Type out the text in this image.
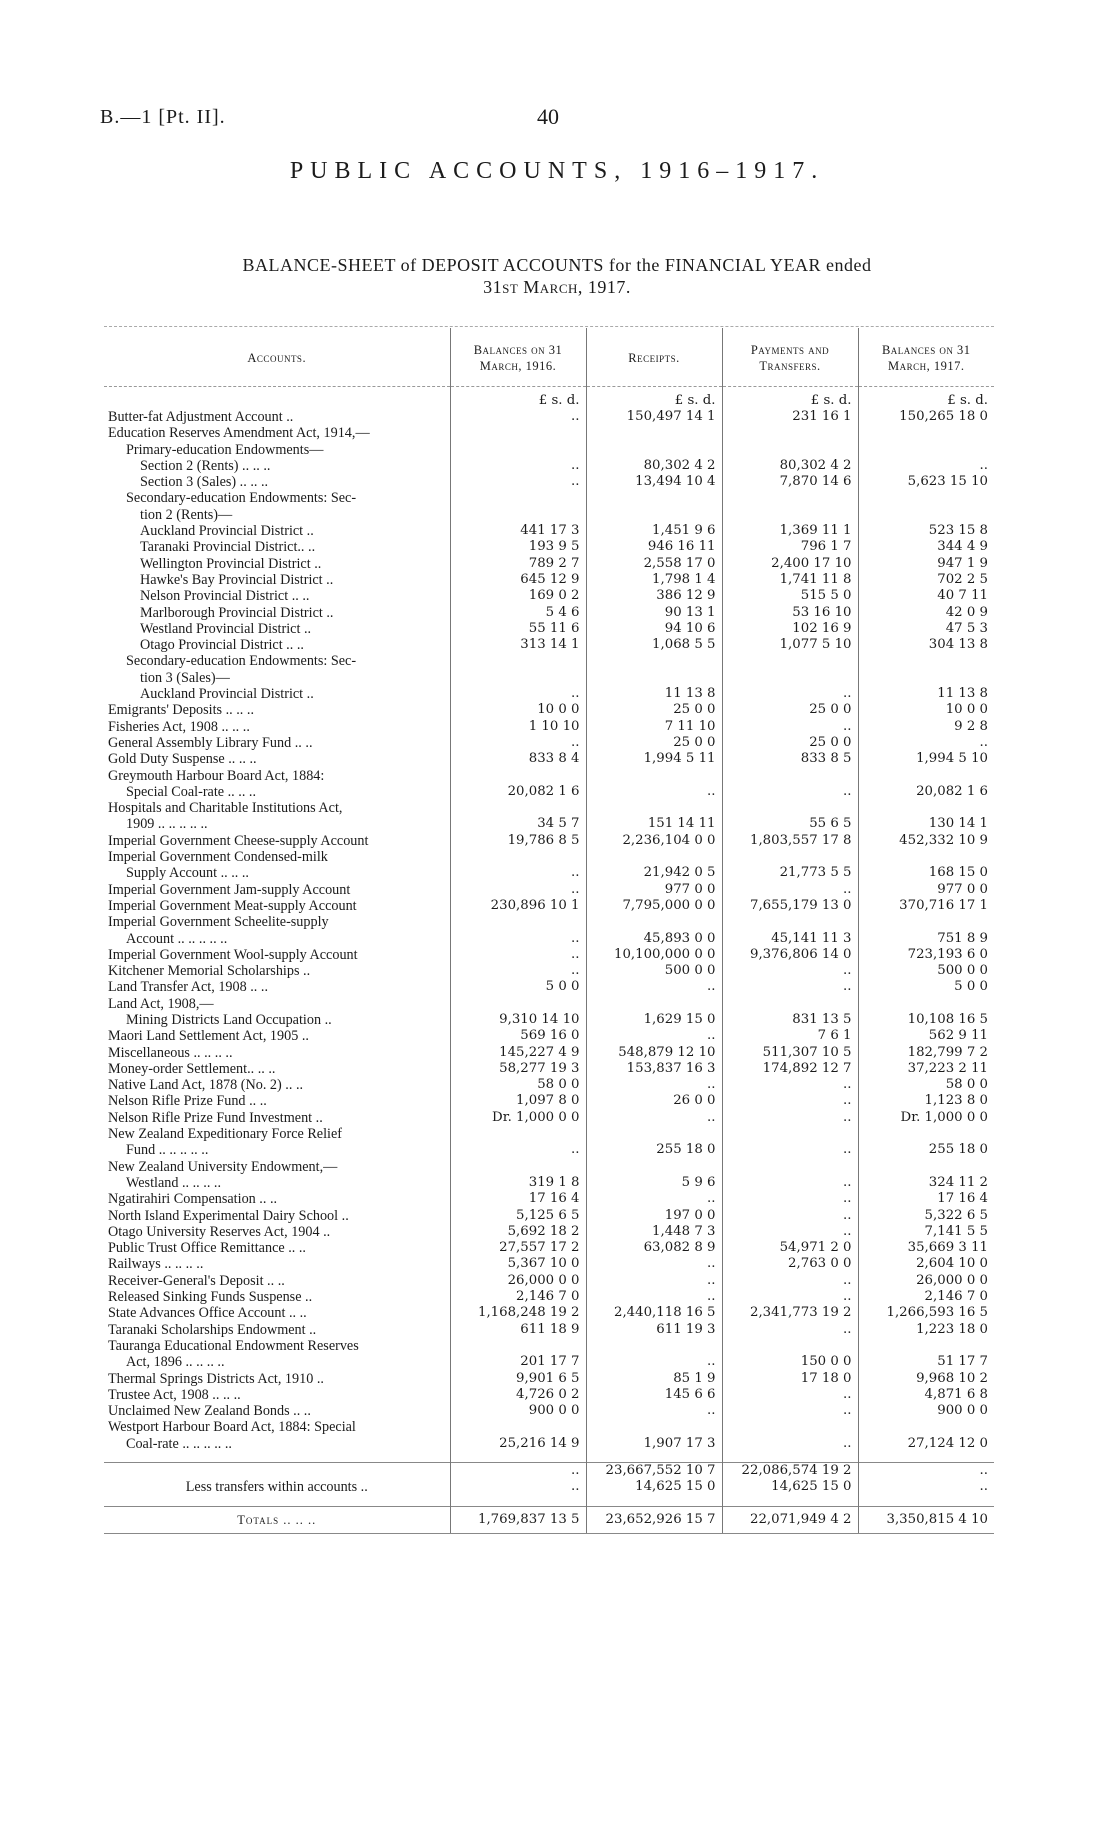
B.—1 [Pt. II].	40
PUBLIC ACCOUNTS, 1916–1917.
BALANCE-SHEET of DEPOSIT ACCOUNTS for the FINANCIAL YEAR ended
31st March, 1917.
Accounts.	Balances on 31 March, 1916.	Receipts.	Payments and Transfers.	Balances on 31 March, 1917.
	£ s. d.	£ s. d.	£ s. d.	£ s. d.
Butter-fat Adjustment Account ..	..	150,497 14 1	231 16 1	150,265 18 0
Education Reserves Amendment Act, 1914,—				
Primary-education Endowments—				
Section 2 (Rents) .. .. ..	..	80,302 4 2	80,302 4 2	..
Section 3 (Sales) .. .. ..	..	13,494 10 4	7,870 14 6	5,623 15 10
Secondary-education Endowments: Sec-				
tion 2 (Rents)—				
Auckland Provincial District ..	441 17 3	1,451 9 6	1,369 11 1	523 15 8
Taranaki Provincial District.. ..	193 9 5	946 16 11	796 1 7	344 4 9
Wellington Provincial District ..	789 2 7	2,558 17 0	2,400 17 10	947 1 9
Hawke's Bay Provincial District ..	645 12 9	1,798 1 4	1,741 11 8	702 2 5
Nelson Provincial District .. ..	169 0 2	386 12 9	515 5 0	40 7 11
Marlborough Provincial District ..	5 4 6	90 13 1	53 16 10	42 0 9
Westland Provincial District ..	55 11 6	94 10 6	102 16 9	47 5 3
Otago Provincial District .. ..	313 14 1	1,068 5 5	1,077 5 10	304 13 8
Secondary-education Endowments: Sec-				
tion 3 (Sales)—				
Auckland Provincial District ..	..	11 13 8	..	11 13 8
Emigrants' Deposits .. .. ..	10 0 0	25 0 0	25 0 0	10 0 0
Fisheries Act, 1908 .. .. ..	1 10 10	7 11 10	..	9 2 8
General Assembly Library Fund .. ..	..	25 0 0	25 0 0	..
Gold Duty Suspense .. .. ..	833 8 4	1,994 5 11	833 8 5	1,994 5 10
Greymouth Harbour Board Act, 1884:				
Special Coal-rate .. .. ..	20,082 1 6	..	..	20,082 1 6
Hospitals and Charitable Institutions Act,				
1909 .. .. .. .. ..	34 5 7	151 14 11	55 6 5	130 14 1
Imperial Government Cheese-supply Account	19,786 8 5	2,236,104 0 0	1,803,557 17 8	452,332 10 9
Imperial Government Condensed-milk				
Supply Account .. .. ..	..	21,942 0 5	21,773 5 5	168 15 0
Imperial Government Jam-supply Account	..	977 0 0	..	977 0 0
Imperial Government Meat-supply Account	230,896 10 1	7,795,000 0 0	7,655,179 13 0	370,716 17 1
Imperial Government Scheelite-supply				
Account .. .. .. .. ..	..	45,893 0 0	45,141 11 3	751 8 9
Imperial Government Wool-supply Account	..	10,100,000 0 0	9,376,806 14 0	723,193 6 0
Kitchener Memorial Scholarships ..	..	500 0 0	..	500 0 0
Land Transfer Act, 1908 .. ..	5 0 0	..	..	5 0 0
Land Act, 1908,—				
Mining Districts Land Occupation ..	9,310 14 10	1,629 15 0	831 13 5	10,108 16 5
Maori Land Settlement Act, 1905 ..	569 16 0	..	7 6 1	562 9 11
Miscellaneous .. .. .. ..	145,227 4 9	548,879 12 10	511,307 10 5	182,799 7 2
Money-order Settlement.. .. ..	58,277 19 3	153,837 16 3	174,892 12 7	37,223 2 11
Native Land Act, 1878 (No. 2) .. ..	58 0 0	..	..	58 0 0
Nelson Rifle Prize Fund .. ..	1,097 8 0	26 0 0	..	1,123 8 0
Nelson Rifle Prize Fund Investment ..	Dr. 1,000 0 0	..	..	Dr. 1,000 0 0
New Zealand Expeditionary Force Relief				
Fund .. .. .. .. ..	..	255 18 0	..	255 18 0
New Zealand University Endowment,—				
Westland .. .. .. ..	319 1 8	5 9 6	..	324 11 2
Ngatirahiri Compensation .. ..	17 16 4	..	..	17 16 4
North Island Experimental Dairy School ..	5,125 6 5	197 0 0	..	5,322 6 5
Otago University Reserves Act, 1904 ..	5,692 18 2	1,448 7 3	..	7,141 5 5
Public Trust Office Remittance .. ..	27,557 17 2	63,082 8 9	54,971 2 0	35,669 3 11
Railways .. .. .. ..	5,367 10 0	..	2,763 0 0	2,604 10 0
Receiver-General's Deposit .. ..	26,000 0 0	..	..	26,000 0 0
Released Sinking Funds Suspense ..	2,146 7 0	..	..	2,146 7 0
State Advances Office Account .. ..	1,168,248 19 2	2,440,118 16 5	2,341,773 19 2	1,266,593 16 5
Taranaki Scholarships Endowment ..	611 18 9	611 19 3	..	1,223 18 0
Tauranga Educational Endowment Reserves				
Act, 1896 .. .. .. ..	201 17 7	..	150 0 0	51 17 7
Thermal Springs Districts Act, 1910 ..	9,901 6 5	85 1 9	17 18 0	9,968 10 2
Trustee Act, 1908 .. .. ..	4,726 0 2	145 6 6	..	4,871 6 8
Unclaimed New Zealand Bonds .. ..	900 0 0	..	..	900 0 0
Westport Harbour Board Act, 1884: Special				
Coal-rate .. .. .. .. ..	25,216 14 9	1,907 17 3	..	27,124 12 0

	..	23,667,552 10 7	22,086,574 19 2	..
Less transfers within accounts ..	..	14,625 15 0	14,625 15 0	..

Totals .. .. ..	1,769,837 13 5	23,652,926 15 7	22,071,949 4 2	3,350,815 4 10
